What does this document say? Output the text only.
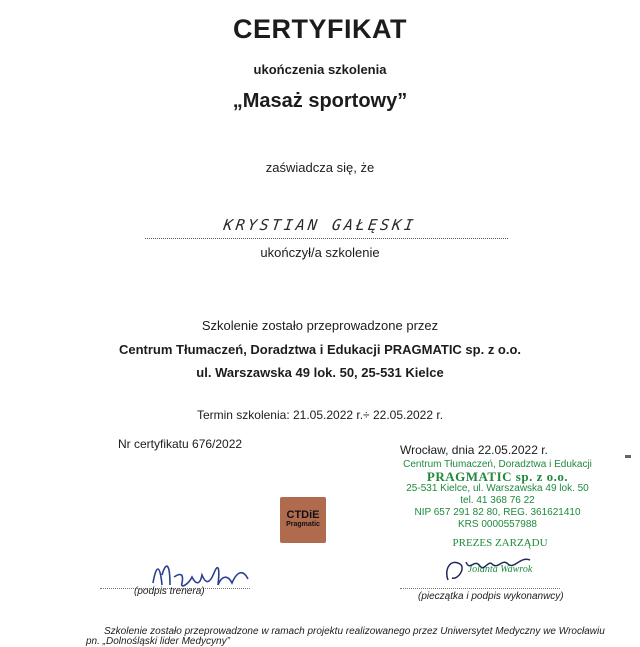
CERTYFIKAT
ukończenia szkolenia
„Masaż sportowy”
zaświadcza się, że
KRYSTIAN GAŁĘSKI
ukończył/a szkolenie
Szkolenie zostało przeprowadzone przez
Centrum Tłumaczeń, Doradztwa i Edukacji PRAGMATIC sp. z o.o.
ul. Warszawska 49 lok. 50, 25-531 Kielce
Termin szkolenia: 21.05.2022 r.÷ 22.05.2022 r.
Nr certyfikatu 676/2022	Wrocław, dnia 22.05.2022 r.
Centrum Tłumaczeń, Doradztwa i Edukacji
PRAGMATIC sp. z o.o.
25-531 Kielce, ul. Warszawska 49 lok. 50
tel. 41 368 76 22
NIP 657 291 82 80, REG. 361621410
KRS 0000557988
CTDiE
Pragmatic
PREZES ZARZĄDU
Jolanta Wawrok
(podpis trenera)	(pieczątka i podpis wykonanwcy)
Szkolenie zostało przeprowadzone w ramach projektu realizowanego przez Uniwersytet Medyczny we Wrocławiu
pn. „Dolnośląski lider Medycyny”
